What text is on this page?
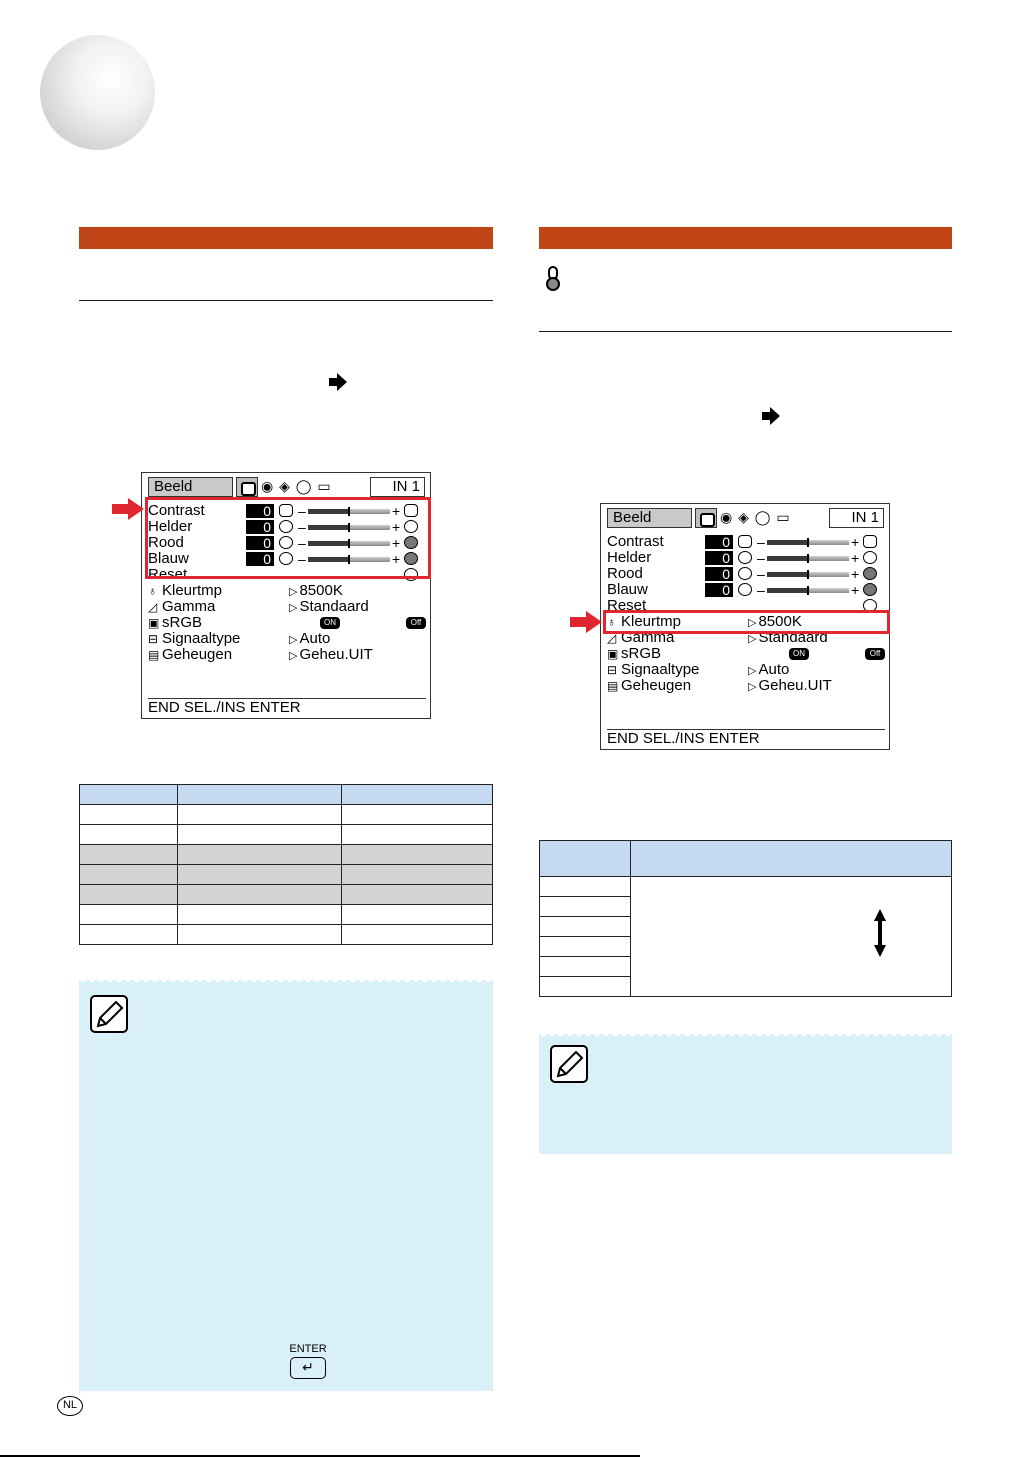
Beeld	◉ ◈ ◯ ▭	IN 1
Contrast	0 –	+
Helder	0 –	+
Rood	0 –	+
Blauw	0 –	+
Reset
♁ Kleurtmp	▷ 8500K
◿ Gamma	▷ Standaard
▣ sRGB	ON	Off
⊟ Signaaltype	▷ Auto
▤ Geheugen	▷ Geheu.UIT
END SEL./INS ENTER

ENTER
↵
Beeld	◉ ◈ ◯ ▭	IN 1
Contrast	0 –	+
Helder	0 –	+
Rood	0 –	+
Blauw	0 –	+
Reset
♁ Kleurtmp	▷ 8500K
◿ Gamma	▷ Standaard
▣ sRGB	ON	Off
⊟ Signaaltype	▷ Auto
▤ Geheugen	▷ Geheu.UIT
END SEL./INS ENTER

NL
